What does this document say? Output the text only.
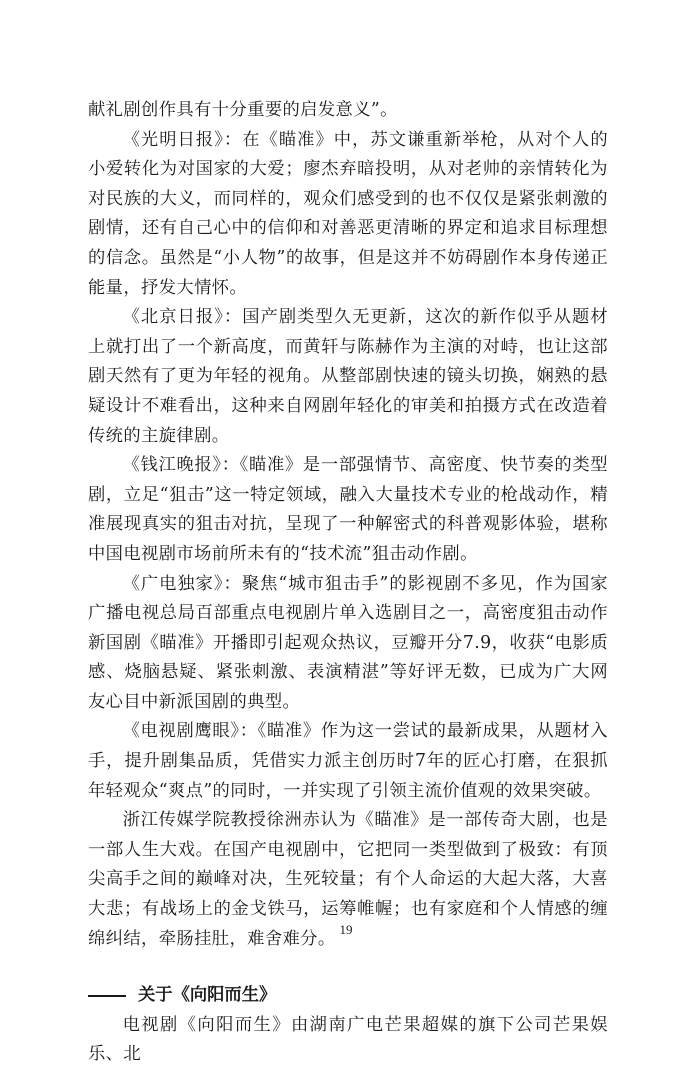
献礼剧创作具有十分重要的启发意义”。

《光明日报》：在《瞄准》中，苏文谦重新举枪，从对个人的小爱转化为对国家的大爱；廖杰弃暗投明，从对老帅的亲情转化为对民族的大义，而同样的，观众们感受到的也不仅仅是紧张刺激的剧情，还有自己心中的信仰和对善恶更清晰的界定和追求目标理想的信念。虽然是“小人物”的故事，但是这并不妨碍剧作本身传递正能量，抒发大情怀。

《北京日报》：国产剧类型久无更新，这次的新作似乎从题材上就打出了一个新高度，而黄轩与陈赫作为主演的对峙，也让这部剧天然有了更为年轻的视角。从整部剧快速的镜头切换，娴熟的悬疑设计不难看出，这种来自网剧年轻化的审美和拍摄方式在改造着传统的主旋律剧。

《钱江晚报》：《瞄准》是一部强情节、高密度、快节奏的类型剧，立足“狙击”这一特定领域，融入大量技术专业的枪战动作，精准展现真实的狙击对抗，呈现了一种解密式的科普观影体验，堪称中国电视剧市场前所未有的“技术流”狙击动作剧。

《广电独家》：聚焦“城市狙击手”的影视剧不多见，作为国家广播电视总局百部重点电视剧片单入选剧目之一，高密度狙击动作新国剧《瞄准》开播即引起观众热议，豆瓣开分7.9，收获“电影质感、烧脑悬疑、紧张刺激、表演精湛”等好评无数，已成为广大网友心目中新派国剧的典型。

《电视剧鹰眼》：《瞄准》作为这一尝试的最新成果，从题材入手，提升剧集品质，凭借实力派主创历时7年的匠心打磨，在狠抓年轻观众“爽点”的同时，一并实现了引领主流价值观的效果突破。

浙江传媒学院教授徐洲赤认为《瞄准》是一部传奇大剧，也是一部人生大戏。在国产电视剧中，它把同一类型做到了极致：有顶尖高手之间的巅峰对决，生死较量；有个人命运的大起大落，大喜大悲；有战场上的金戈铁马，运筹帷幄；也有家庭和个人情感的缠绵纠结，牵肠挂肚，难舍难分。

关于《向阳而生》

电视剧《向阳而生》由湖南广电芒果超媒的旗下公司芒果娱乐、北

19
